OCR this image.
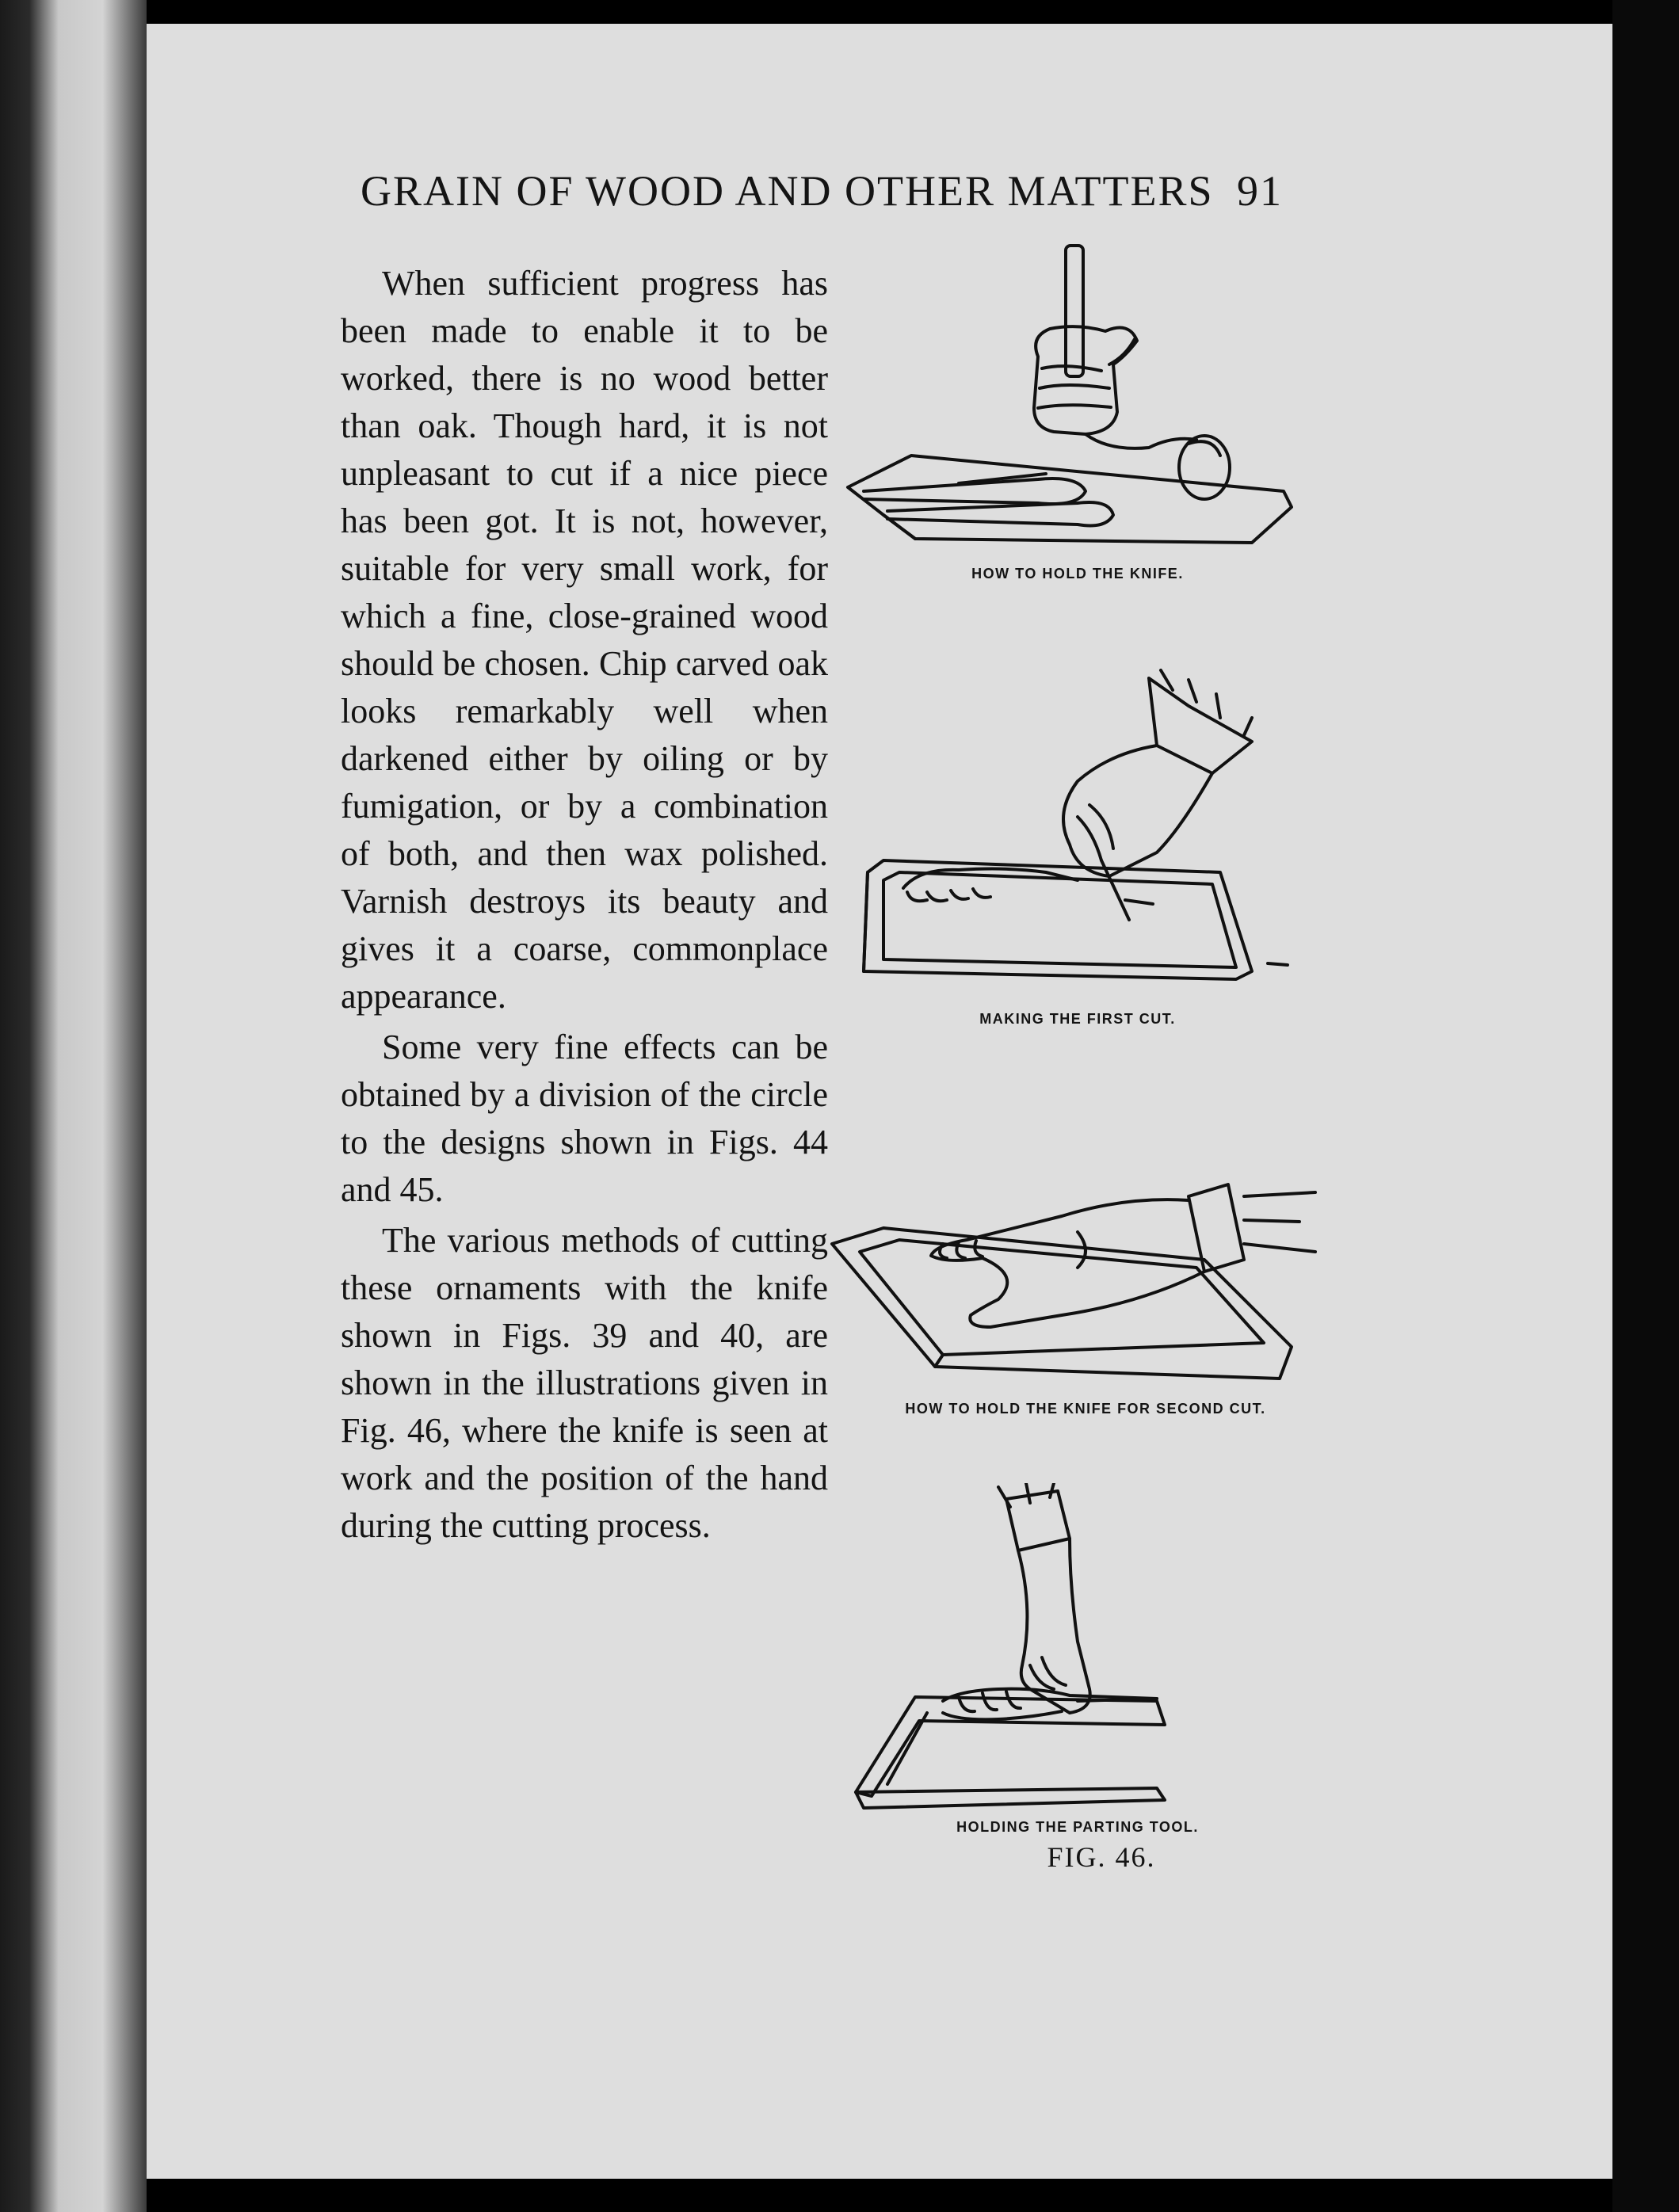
GRAIN OF WOOD AND OTHER MATTERS 91

When sufficient progress has been made to enable it to be worked, there is no wood better than oak. Though hard, it is not unpleasant to cut if a nice piece has been got. It is not, however, suitable for very small work, for which a fine, close-grained wood should be chosen. Chip carved oak looks remarkably well when darkened either by oiling or by fumigation, or by a combination of both, and then wax polished. Varnish destroys its beauty and gives it a coarse, commonplace appearance.

Some very fine effects can be obtained by a division of the circle to the designs shown in Figs. 44 and 45.

The various methods of cutting these ornaments with the knife shown in Figs. 39 and 40, are shown in the illustrations given in Fig. 46, where the knife is seen at work and the position of the hand during the cutting process.

HOW TO HOLD THE KNIFE.
MAKING THE FIRST CUT.
HOW TO HOLD THE KNIFE FOR SECOND CUT.
HOLDING THE PARTING TOOL.
FIG. 46.
